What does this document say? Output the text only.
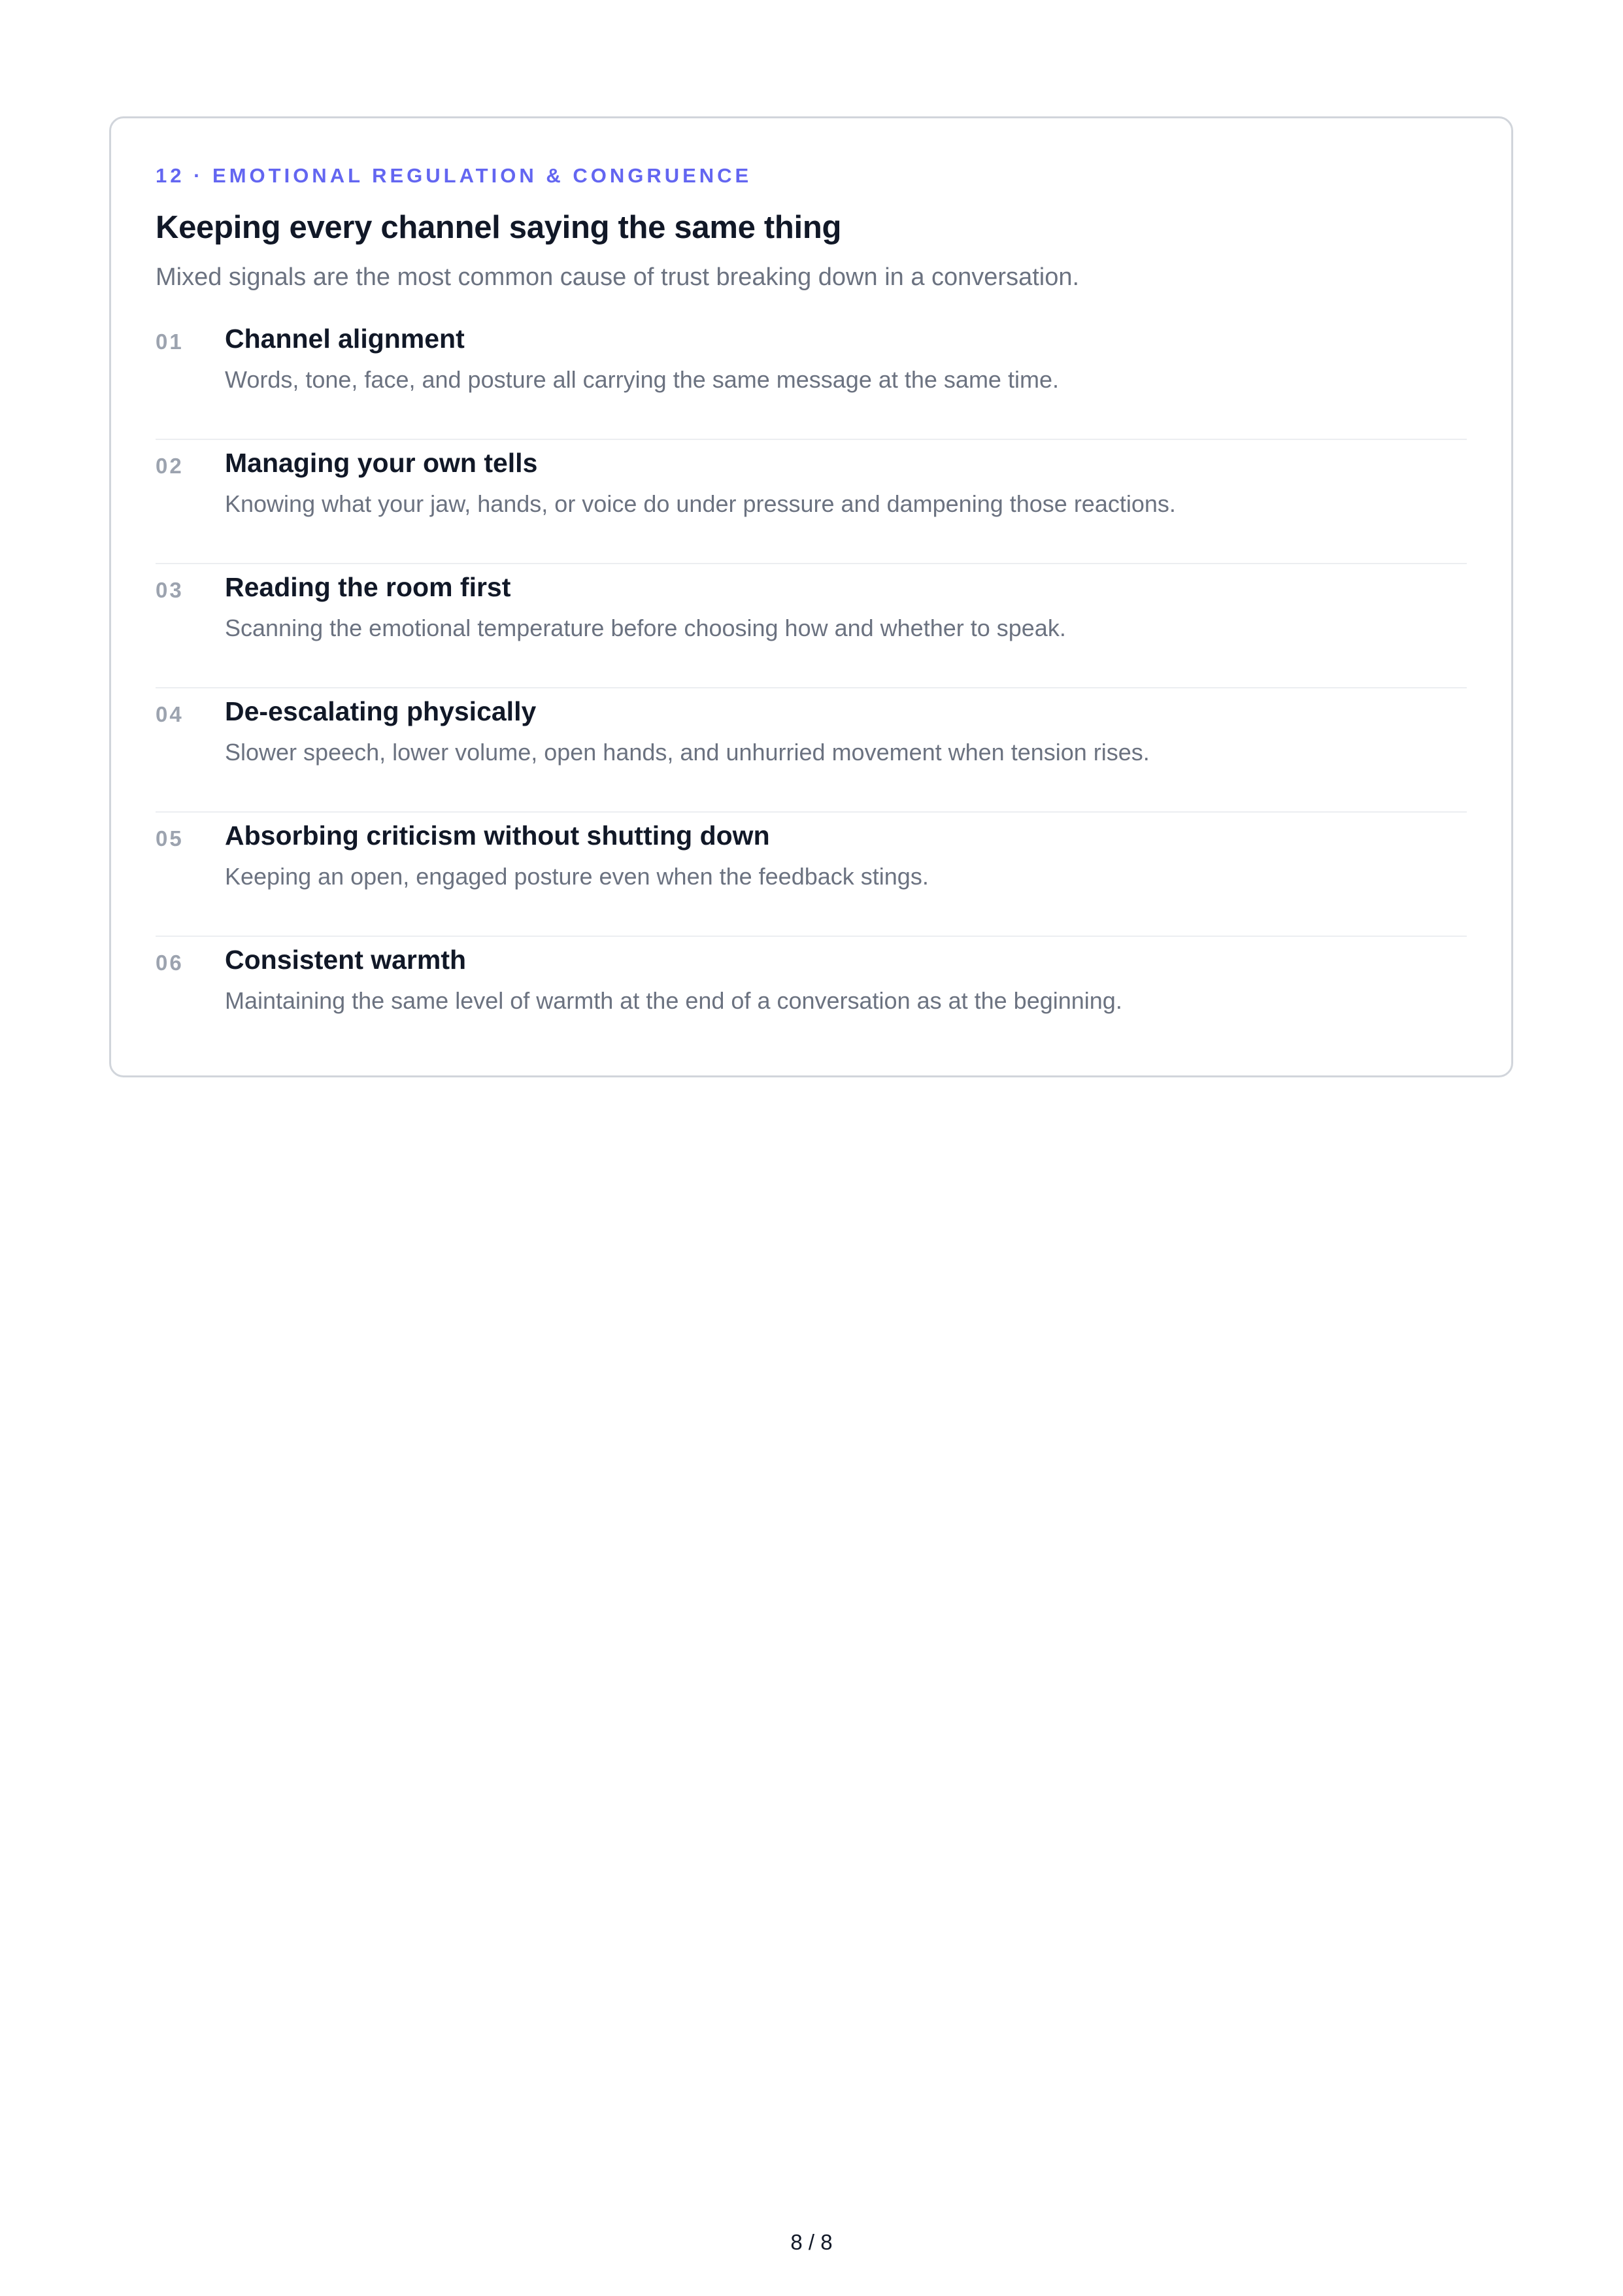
12 · EMOTIONAL REGULATION & CONGRUENCE

Keeping every channel saying the same thing

Mixed signals are the most common cause of trust breaking down in a conversation.

01	Channel alignment

Words, tone, face, and posture all carrying the same message at the same time.

02	Managing your own tells

Knowing what your jaw, hands, or voice do under pressure and dampening those reactions.

03	Reading the room first

Scanning the emotional temperature before choosing how and whether to speak.

04	De-escalating physically

Slower speech, lower volume, open hands, and unhurried movement when tension rises.

05	Absorbing criticism without shutting down

Keeping an open, engaged posture even when the feedback stings.

06	Consistent warmth

Maintaining the same level of warmth at the end of a conversation as at the beginning.

8 / 8
